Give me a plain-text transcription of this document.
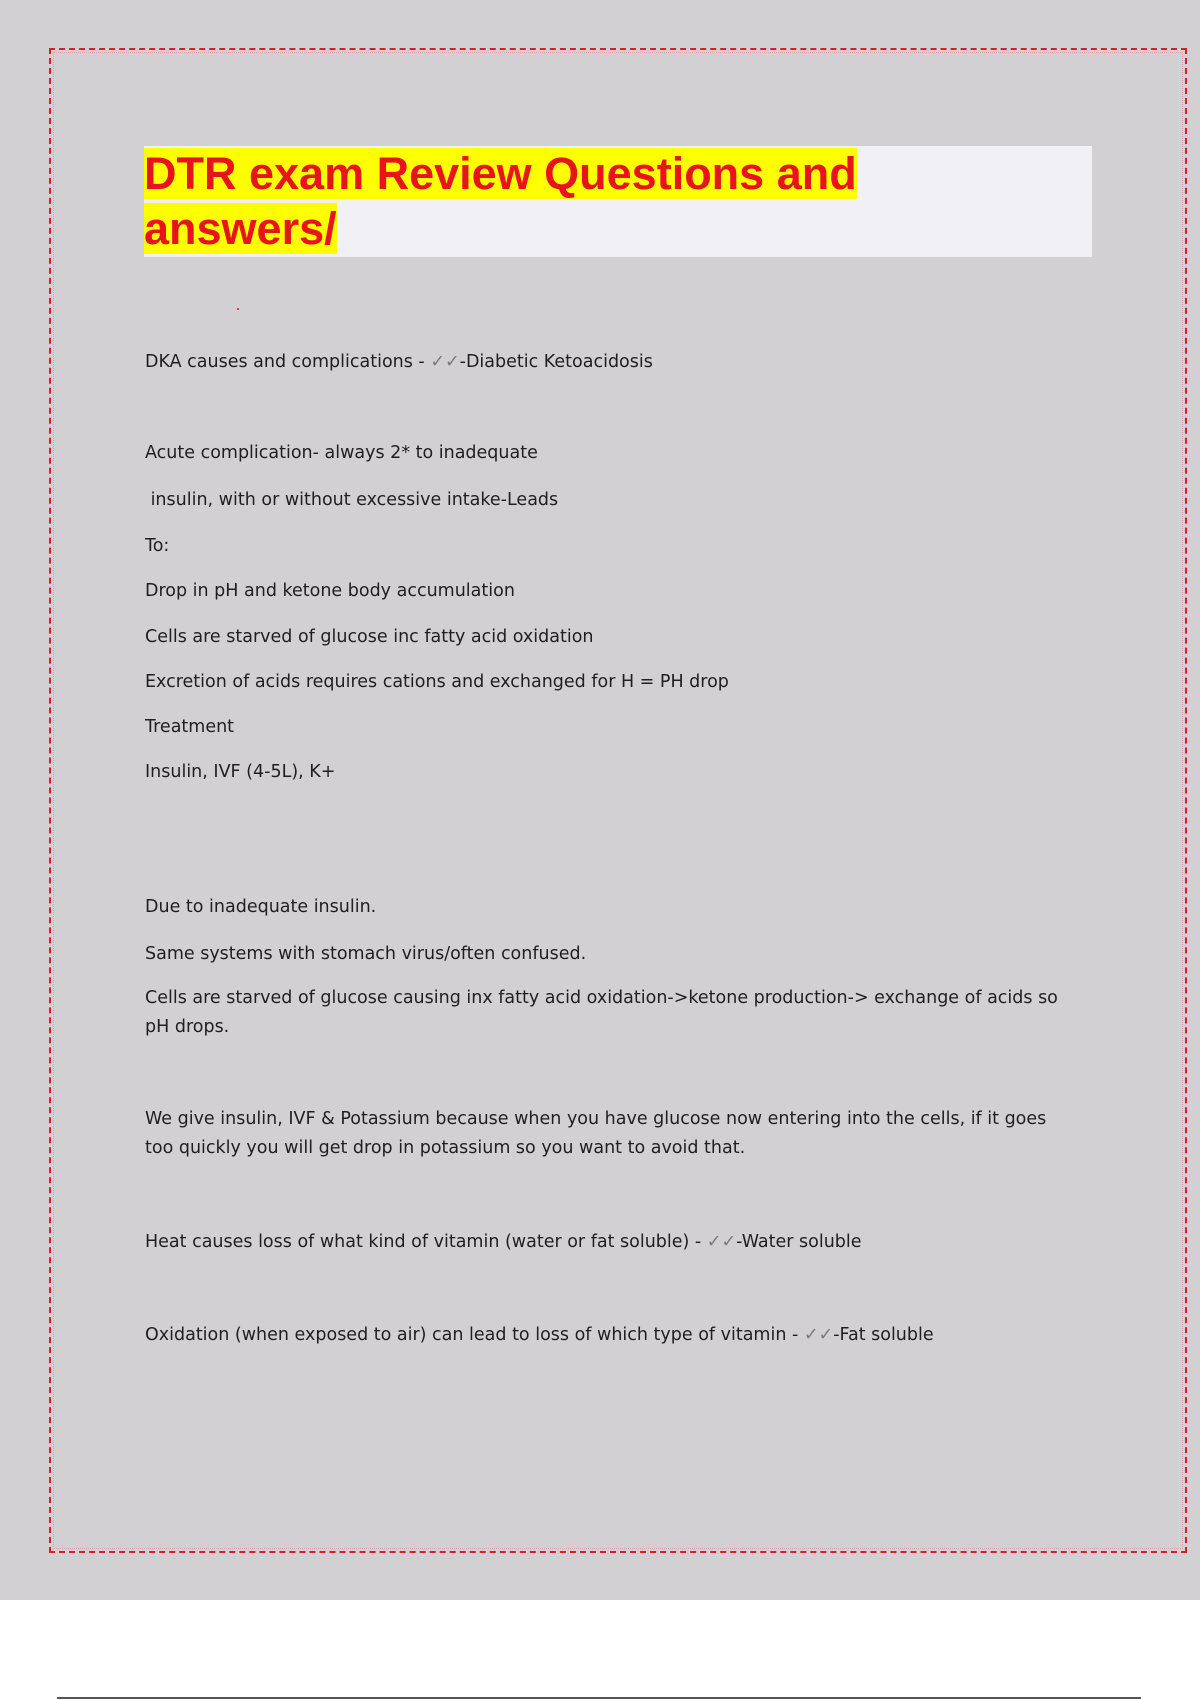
DTR exam Review Questions and
answers/

DKA causes and complications - ✓✓-Diabetic Ketoacidosis

Acute complication- always 2* to inadequate

insulin, with or without excessive intake-Leads

To:

Drop in pH and ketone body accumulation

Cells are starved of glucose inc fatty acid oxidation

Excretion of acids requires cations and exchanged for H = PH drop

Treatment

Insulin, IVF (4-5L), K+

Due to inadequate insulin.

Same systems with stomach virus/often confused.

Cells are starved of glucose causing inx fatty acid oxidation->ketone production-> exchange of acids so pH drops.

We give insulin, IVF & Potassium because when you have glucose now entering into the cells, if it goes too quickly you will get drop in potassium so you want to avoid that.

Heat causes loss of what kind of vitamin (water or fat soluble) - ✓✓-Water soluble

Oxidation (when exposed to air) can lead to loss of which type of vitamin - ✓✓-Fat soluble
